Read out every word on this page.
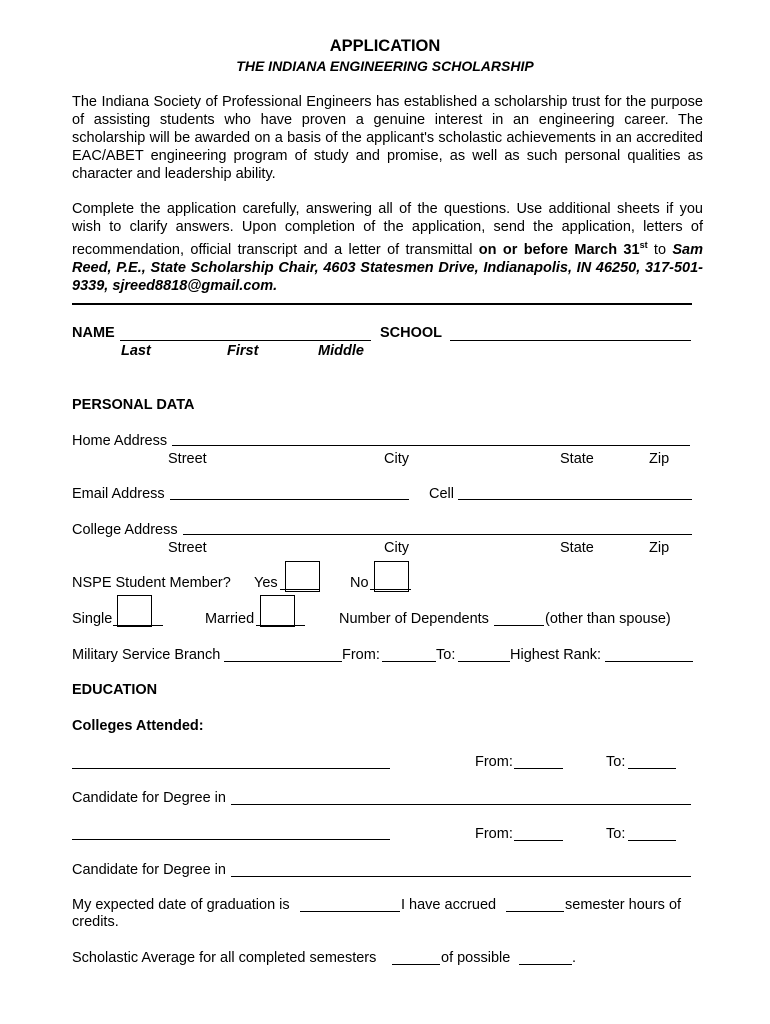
APPLICATION
THE INDIANA ENGINEERING SCHOLARSHIP
The Indiana Society of Professional Engineers has established a scholarship trust for the purpose of assisting students who have proven a genuine interest in an engineering career. The scholarship will be awarded on a basis of the applicant's scholastic achievements in an accredited EAC/ABET engineering program of study and promise, as well as such personal qualities as character and leadership ability.
Complete the application carefully, answering all of the questions. Use additional sheets if you wish to clarify answers. Upon completion of the application, send the application, letters of recommendation, official transcript and a letter of transmittal on or before March 31st to Sam Reed, P.E., State Scholarship Chair, 4603 Statesmen Drive, Indianapolis, IN 46250, 317-501-9339, sjreed8818@gmail.com.
NAME	SCHOOL
Last	First	Middle
PERSONAL DATA
Home Address
Street	City	State	Zip
Email Address	Cell
College Address
Street	City	State	Zip
NSPE Student Member? Yes	No
Single	Married	Number of Dependents	(other than spouse)
Military Service Branch	From:	To:	Highest Rank:
EDUCATION
Colleges Attended:
From:	To:
Candidate for Degree in
From:	To:
Candidate for Degree in
My expected date of graduation is	I have accrued	semester hours of
credits.
Scholastic Average for all completed semesters	of possible	.
